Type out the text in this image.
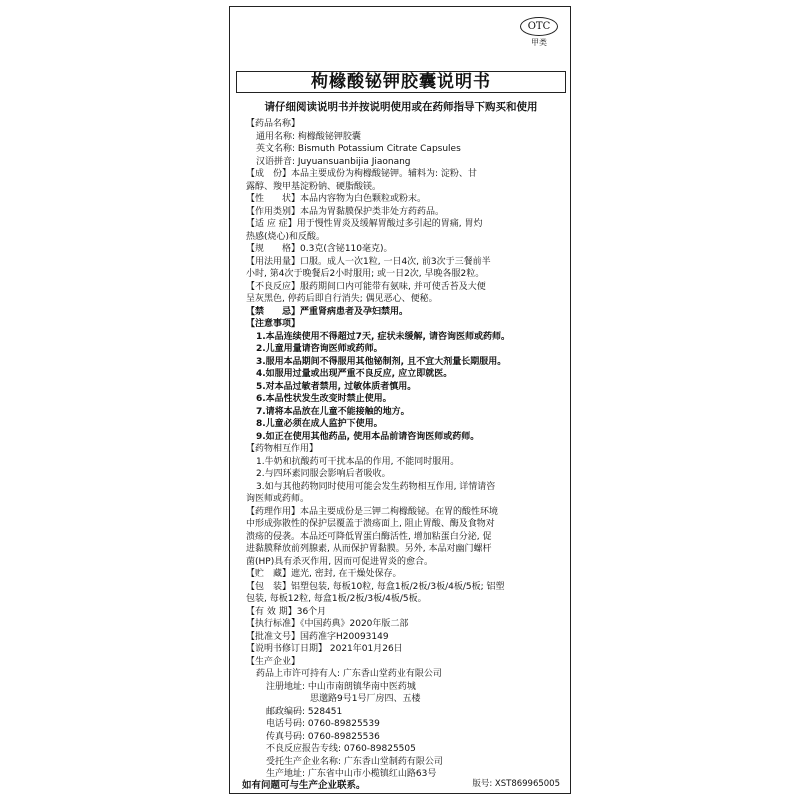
OTC
甲类
枸橼酸铋钾胶囊说明书
请仔细阅读说明书并按说明使用或在药师指导下购买和使用
【药品名称】
通用名称: 枸橼酸铋钾胶囊
英文名称: Bismuth Potassium Citrate Capsules
汉语拼音: Juyuansuanbijia Jiaonang
【成　份】本品主要成份为枸橼酸铋钾。辅料为: 淀粉、甘
露醇、羧甲基淀粉钠、硬脂酸镁。
【性　　状】本品内容物为白色颗粒或粉末。
【作用类别】本品为胃黏膜保护类非处方药药品。
【适 应 症】用于慢性胃炎及缓解胃酸过多引起的胃痛, 胃灼
热感(烧心)和反酸。
【规　　格】0.3克(含铋110毫克)。
【用法用量】口服。成人一次1粒, 一日4次, 前3次于三餐前半
小时, 第4次于晚餐后2小时服用; 或一日2次, 早晚各服2粒。
【不良反应】服药期间口内可能带有氨味, 并可使舌苔及大便
呈灰黑色, 停药后即自行消失; 偶见恶心、便秘。
【禁　　忌】严重肾病患者及孕妇禁用。
【注意事项】
1.本品连续使用不得超过7天, 症状未缓解, 请咨询医师或药师。
2.儿童用量请咨询医师或药师。
3.服用本品期间不得服用其他铋制剂, 且不宜大剂量长期服用。
4.如服用过量或出现严重不良反应, 应立即就医。
5.对本品过敏者禁用, 过敏体质者慎用。
6.本品性状发生改变时禁止使用。
7.请将本品放在儿童不能接触的地方。
8.儿童必须在成人监护下使用。
9.如正在使用其他药品, 使用本品前请咨询医师或药师。
【药物相互作用】
1.牛奶和抗酸药可干扰本品的作用, 不能同时服用。
2.与四环素同服会影响后者吸收。
3.如与其他药物同时使用可能会发生药物相互作用, 详情请咨
询医师或药师。
【药理作用】本品主要成份是三钾二枸橼酸铋。在胃的酸性环境
中形成弥散性的保护层覆盖于溃疡面上, 阻止胃酸、酶及食物对
溃疡的侵袭。本品还可降低胃蛋白酶活性, 增加粘蛋白分泌, 促
进黏膜释放前列腺素, 从而保护胃黏膜。另外, 本品对幽门螺杆
菌(HP)具有杀灭作用, 因而可促进胃炎的愈合。
【贮　藏】遮光, 密封, 在干燥处保存。
【包　装】铝塑包装, 每板10粒, 每盒1板/2板/3板/4板/5板; 铝塑
包装, 每板12粒, 每盒1板/2板/3板/4板/5板。
【有 效 期】36个月
【执行标准】《中国药典》2020年版二部
【批准文号】国药准字H20093149
【说明书修订日期】 2021年01月26日
【生产企业】
药品上市许可持有人: 广东香山堂药业有限公司
注册地址: 中山市南朗镇华南中医药城
思邈路9号1号厂房四、五楼
邮政编码: 528451
电话号码: 0760-89825539
传真号码: 0760-89825536
不良反应报告专线: 0760-89825505
受托生产企业名称: 广东香山堂制药有限公司
生产地址: 广东省中山市小榄镇红山路63号
如有问题可与生产企业联系。	版号: XST869965005
